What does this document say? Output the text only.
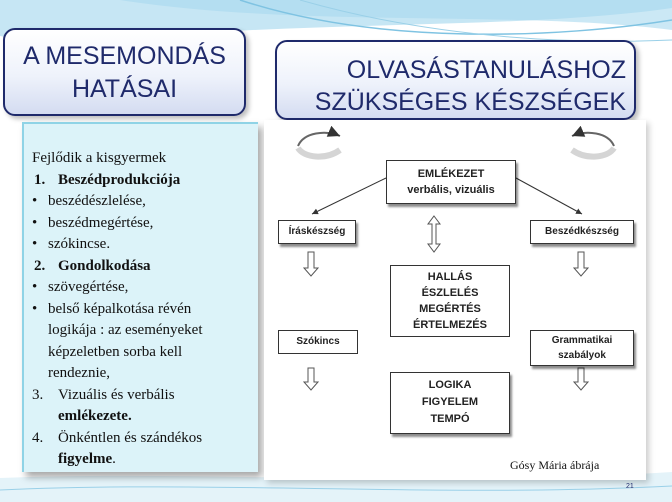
A MESEMONDÁS
HATÁSAI
OLVASÁSTANULÁSHOZ
SZÜKSÉGES KÉSZSÉGEK
Fejlődik a kisgyermek
1. Beszédprodukciója
• beszédészlelése,
• beszédmegértése,
• szókincse.
2. Gondolkodása
• szövegértése,
• belső képalkotása révén
logikája : az eseményeket
képzeletben sorba kell
rendeznie,
3. Vizuális és verbális
emlékezete.
4. Önkéntlen és szándékos
figyelme.
EMLÉKEZET
verbális, vizuális
Íráskészség	Beszédkészség
HALLÁS
ÉSZLELÉS
MEGÉRTÉS
ÉRTELMEZÉS
Szókincs	Grammatikai
szabályok
LOGIKA
FIGYELEM
TEMPÓ
Gósy Mária ábrája
21
